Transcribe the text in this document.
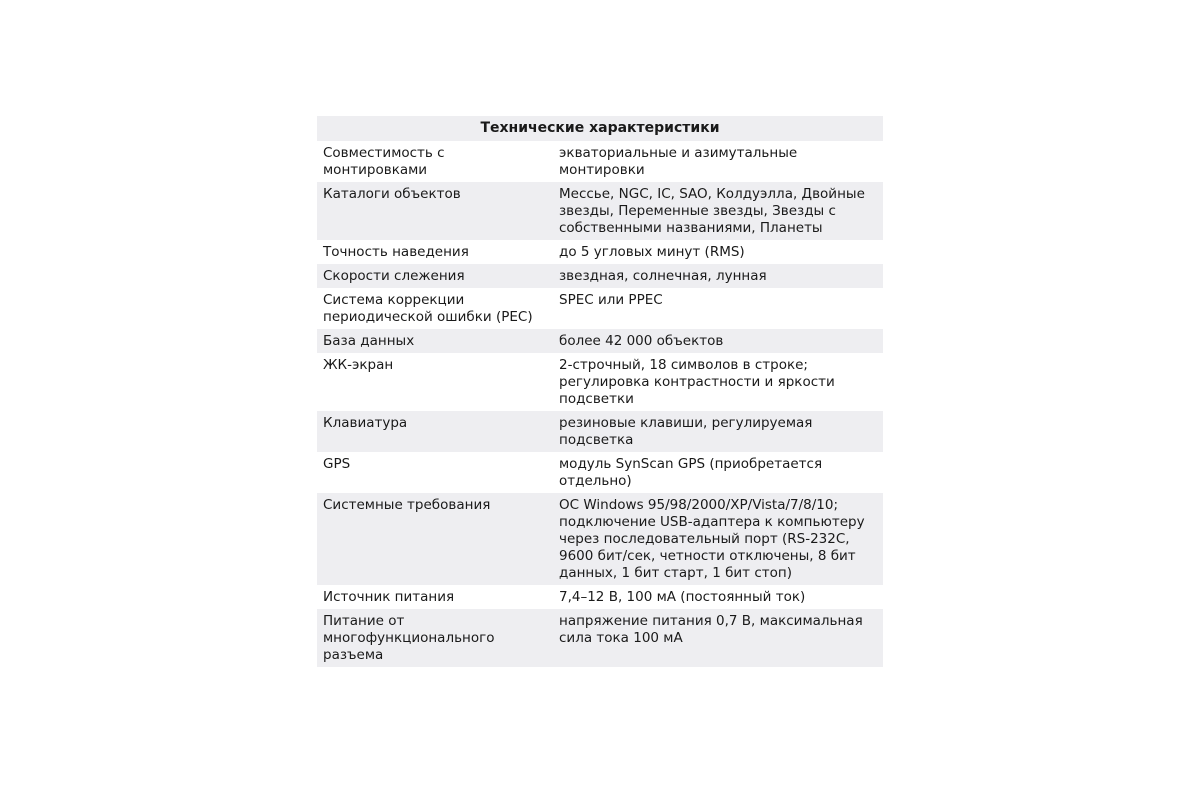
Технические характеристики	
Совместимость с монтировками	экваториальные и азимутальные монтировки
Каталоги объектов	Мессье, NGC, IC, SAO, Колдуэлла, Двойные звезды, Переменные звезды, Звезды с собственными названиями, Планеты
Точность наведения	до 5 угловых минут (RMS)
Скорости слежения	звездная, солнечная, лунная
Система коррекции периодической ошибки (PEC)	SPEC или PPEC
База данных	более 42 000 объектов
ЖК-экран	2-строчный, 18 символов в строке; регулировка контрастности и яркости подсветки
Клавиатура	резиновые клавиши, регулируемая подсветка
GPS	модуль SynScan GPS (приобретается отдельно)
Системные требования	ОС Windows 95/98/2000/XP/Vista/7/8/10; подключение USB-адаптера к компьютеру через последовательный порт (RS-232C, 9600 бит/сек, четности отключены, 8 бит данных, 1 бит старт, 1 бит стоп)
Источник питания	7,4–12 В, 100 мА (постоянный ток)
Питание от многофункционального разъема	напряжение питания 0,7 В, максимальная сила тока 100 мА
